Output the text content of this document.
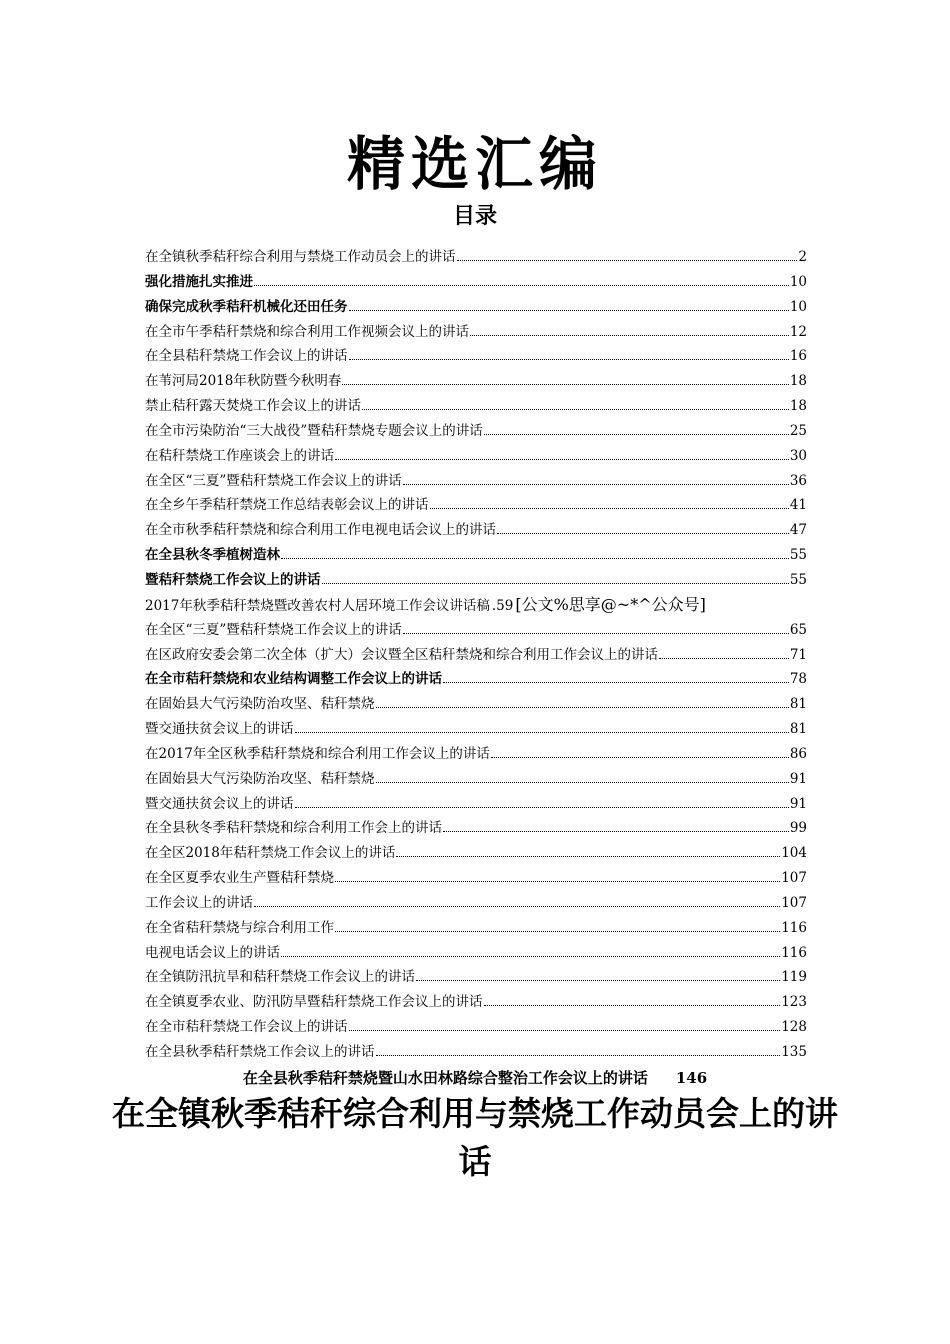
精选汇编
目录
在全镇秋季秸秆综合利用与禁烧工作动员会上的讲话	2
强化措施扎实推进	10
确保完成秋季秸秆机械化还田任务	10
在全市午季秸秆禁烧和综合利用工作视频会议上的讲话	12
在全县秸秆禁烧工作会议上的讲话	16
在苇河局2018年秋防暨今秋明春	18
禁止秸秆露天焚烧工作会议上的讲话	18
在全市污染防治“三大战役”暨秸秆禁烧专题会议上的讲话	25
在秸秆禁烧工作座谈会上的讲话	30
在全区“三夏”暨秸秆禁烧工作会议上的讲话	36
在全乡午季秸秆禁烧工作总结表彰会议上的讲话	41
在全市秋季秸秆禁烧和综合利用工作电视电话会议上的讲话	47
在全县秋冬季植树造林	55
暨秸秆禁烧工作会议上的讲话	55
2017年秋季秸秆禁烧暨改善农村人居环境工作会议讲话稿 .59 [公文%思享@~*^公众号]
在全区“三夏”暨秸秆禁烧工作会议上的讲话	65
在区政府安委会第二次全体（扩大）会议暨全区秸秆禁烧和综合利用工作会议上的讲话	71
在全市秸秆禁烧和农业结构调整工作会议上的讲话	78
在固始县大气污染防治攻坚、秸秆禁烧	81
暨交通扶贫会议上的讲话	81
在2017年全区秋季秸秆禁烧和综合利用工作会议上的讲话	86
在固始县大气污染防治攻坚、秸秆禁烧	91
暨交通扶贫会议上的讲话	91
在全县秋冬季秸秆禁烧和综合利用工作会上的讲话	99
在全区2018年秸秆禁烧工作会议上的讲话	104
在全区夏季农业生产暨秸秆禁烧	107
工作会议上的讲话	107
在全省秸秆禁烧与综合利用工作	116
电视电话会议上的讲话	116
在全镇防汛抗旱和秸秆禁烧工作会议上的讲话	119
在全镇夏季农业、防汛防旱暨秸秆禁烧工作会议上的讲话	123
在全市秸秆禁烧工作会议上的讲话	128
在全县秋季秸秆禁烧工作会议上的讲话	135
在全县秋季秸秆禁烧暨山水田林路综合整治工作会议上的讲话 146
在全镇秋季秸秆综合利用与禁烧工作动员会上的讲话
